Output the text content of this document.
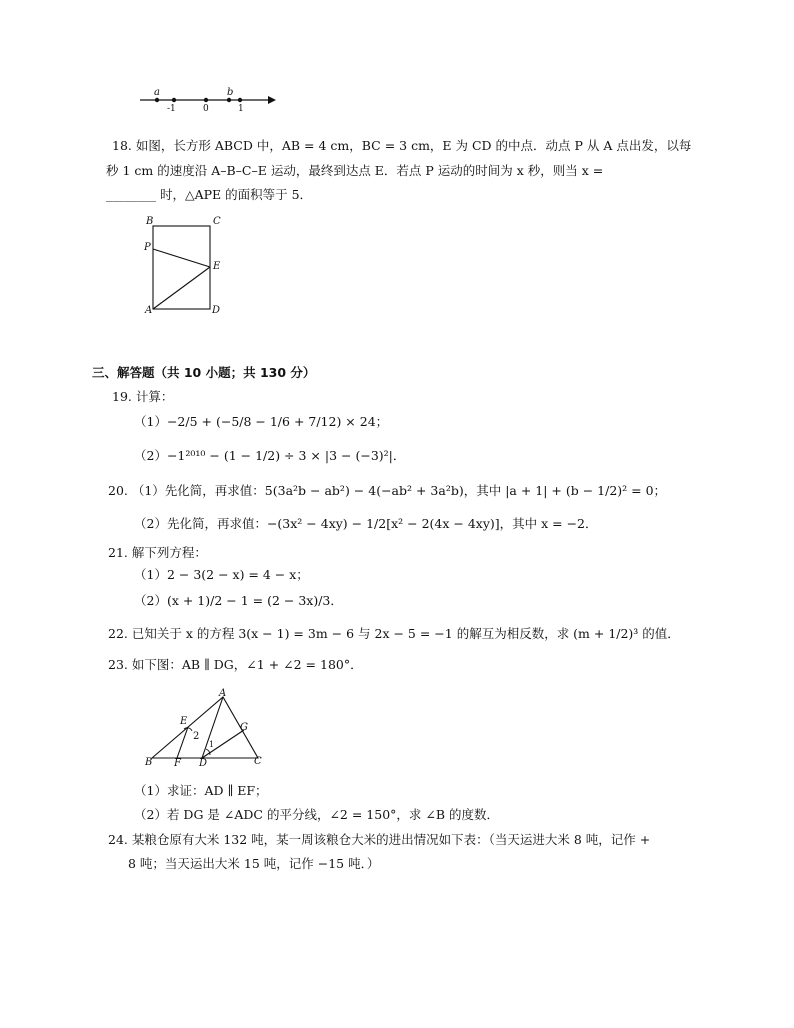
a	b
-1	0	1
18. 如图，长方形 ABCD 中，AB = 4 cm，BC = 3 cm，E 为 CD 的中点．动点 P 从 A 点出发，以每
秒 1 cm 的速度沿 A–B–C–E 运动，最终到达点 E．若点 P 运动的时间为 x 秒，则当 x =
________ 时，△APE 的面积等于 5．
B	C
P
E
A	D
三、解答题（共 10 小题；共 130 分）
19. 计算：
（1）−2/5 + (−5/8 − 1/6 + 7/12) × 24；
（2）−1²⁰¹⁰ − (1 − 1/2) ÷ 3 × |3 − (−3)²|．
20. （1）先化简，再求值：5(3a²b − ab²) − 4(−ab² + 3a²b)，其中 |a + 1| + (b − 1/2)² = 0；
（2）先化简，再求值：−(3x² − 4xy) − 1/2[x² − 2(4x − 4xy)]，其中 x = −2．
21. 解下列方程：
（1）2 − 3(2 − x) = 4 − x；
（2）(x + 1)/2 − 1 = (2 − 3x)/3．
22. 已知关于 x 的方程 3(x − 1) = 3m − 6 与 2x − 5 = −1 的解互为相反数，求 (m + 1/2)³ 的值．
23. 如下图：AB ∥ DG，∠1 + ∠2 = 180°．
A
E
G
2
1
B F D	C
（1）求证：AD ∥ EF；
（2）若 DG 是 ∠ADC 的平分线，∠2 = 150°，求 ∠B 的度数．
24. 某粮仓原有大米 132 吨，某一周该粮仓大米的进出情况如下表：（当天运进大米 8 吨，记作 +
8 吨；当天运出大米 15 吨，记作 −15 吨．）
